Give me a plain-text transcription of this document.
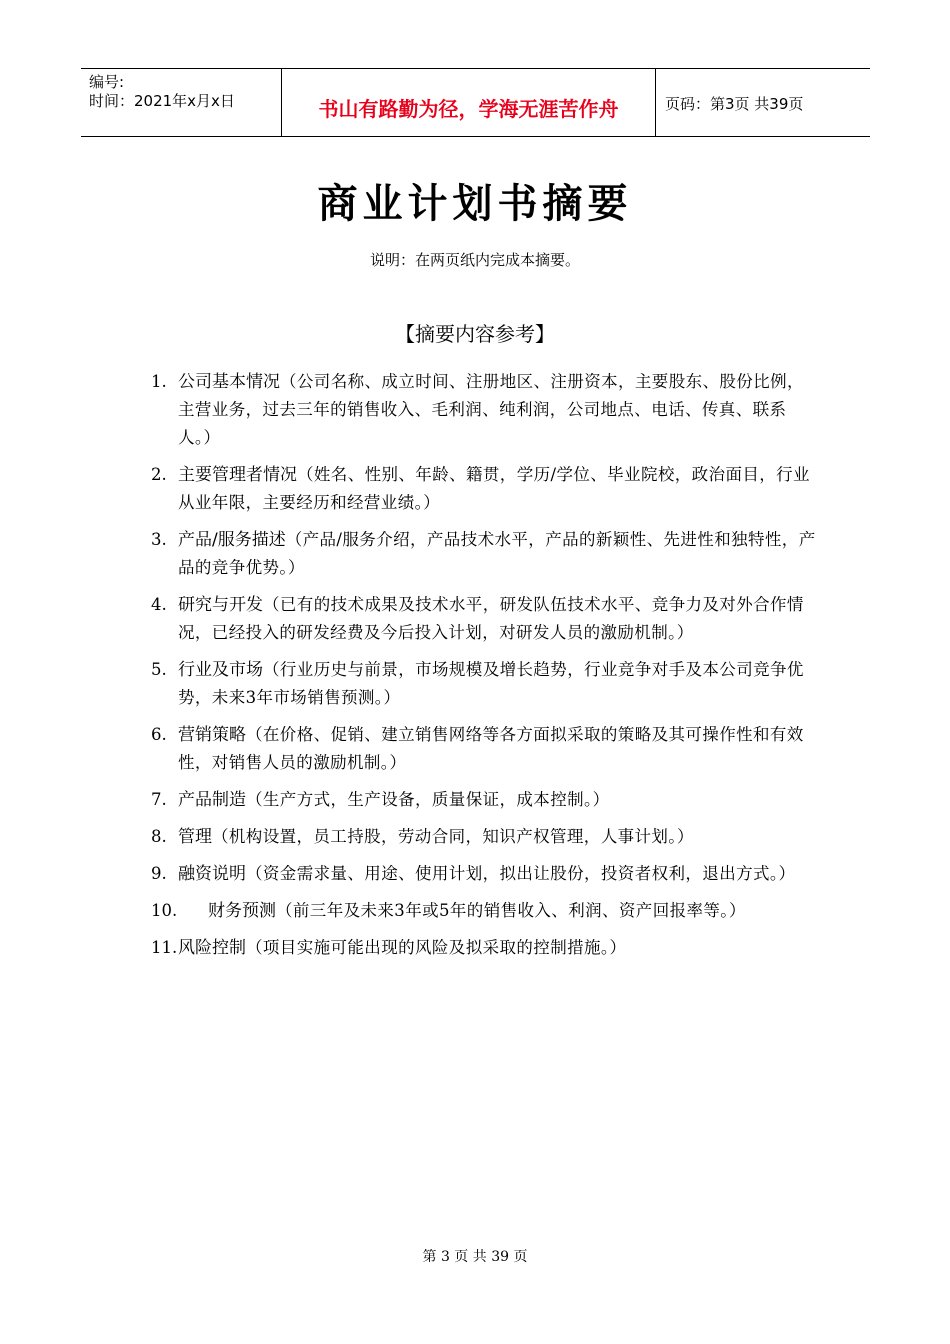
编号:
时间：2021年x月x日	书山有路勤为径，学海无涯苦作舟	页码：第3页 共39页
商业计划书摘要
说明：在两页纸内完成本摘要。
【摘要内容参考】
1. 公司基本情况（公司名称、成立时间、注册地区、注册资本，主要股东、股份比例，主营业务，过去三年的销售收入、毛利润、纯利润，公司地点、电话、传真、联系人。）
2. 主要管理者情况（姓名、性别、年龄、籍贯，学历/学位、毕业院校，政治面目，行业从业年限，主要经历和经营业绩。）
3. 产品/服务描述（产品/服务介绍，产品技术水平，产品的新颖性、先进性和独特性，产品的竞争优势。）
4. 研究与开发（已有的技术成果及技术水平，研发队伍技术水平、竞争力及对外合作情况，已经投入的研发经费及今后投入计划，对研发人员的激励机制。）
5. 行业及市场（行业历史与前景，市场规模及增长趋势，行业竞争对手及本公司竞争优势，未来3年市场销售预测。）
6. 营销策略（在价格、促销、建立销售网络等各方面拟采取的策略及其可操作性和有效性，对销售人员的激励机制。）
7. 产品制造（生产方式，生产设备，质量保证，成本控制。）
8. 管理（机构设置，员工持股，劳动合同，知识产权管理，人事计划。）
9. 融资说明（资金需求量、用途、使用计划，拟出让股份，投资者权利，退出方式。）
10. 财务预测（前三年及未来3年或5年的销售收入、利润、资产回报率等。）
11. 风险控制（项目实施可能出现的风险及拟采取的控制措施。）
第 3 页 共 39 页
